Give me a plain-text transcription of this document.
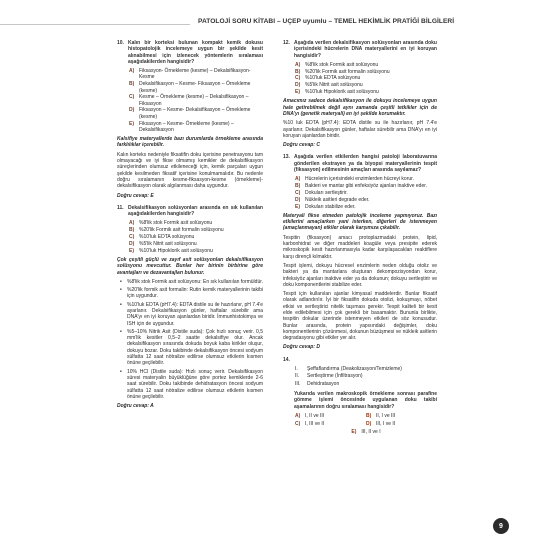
PATOLOJİ SORU KİTABI – UÇEP uyumlu – TEMEL HEKİMLİK PRATİĞİ BİLGİLERİ
10. Kalın bir korteksi bulunan kompakt kemik dokusu histopatolojik incelemeye uygun bir şekilde kesit alınabilmesi için izlenecek yöntemlerin sıralaması aşağıdakilerden hangisidir?
A) Fiksasyon- Örnekleme (kesme) – Dekalsifikasyon- Kesme
B) Dekalsifikasyon – Kesme- Fiksasyon – Örnekleme (kesme)
C) Kesme – Örnekleme (kesme) – Dekalsifikasyon – Fiksasyon
D) Fiksasyon – Kesme- Dekalsifikasyon – Örnekleme (kesme)
E)	Fiksasyon – Kesme- Örnekleme (kesme) – Dekalsifikasyon
Kalsifiye materyallerde bazı durumlarda örnekleme arasında farklılıklar içerebilir.
Kalın korteks nedeniyle fiksatifin doku içerisine penetrasyonu tam olmayacağı ve iyi fikse olmamış kemikler de dekalsifikasyon süreçlerinden olumsuz etkileneceği için, kemik parçaları uygun şekilde kesilmeden fiksatif içerisine konulmamalıdır. Bu nedenle doğru sıralamanın kesme-fiksasyon-kesme (örnekleme)-dekalsifikasyon olarak algılanması daha uygundur.
Doğru cevap: E
11. Dekalsifikasyon solüsyonları arasında en sık kullanılan aşağıdakilerden hangisidir?
A) %8'lik stok Formik asit solüsyonu
B) %20'lik Formik asit formalin solüsyonu
C) %10'luk EDTA solüsyonu
D) %5'lik Nitrit asit solüsyonu
E)	%10'luk Hipoklorik asit solüsyonu
Çok çeşitli güçlü ve zayıf asit solüsyonları dekalsifikasyon solüsyonu mevcuttur. Bunlar her birinin birbirine göre avantajları ve dezavantajları bulunur.
•	%8'lik stok Formik asit solüsyonu: En sık kullanılan formüldür.
•	%20'lik formik asit formalin: Rutin kemik materyallerinin takibi için uygundur.
•	%10'luk EDTA (pH7.4): EDTA distile su ile hazırlanır, pH 7.4'e ayarlanır. Dekalsifikasyon günler, haftalar sürebilir ama DNA'yı en iyi koruyan ajanlardan biridir. İmmunhistokimya ve ISH için de uygundur.
•	%5–10% Nitrik Asit (Distile suda): Çok hızlı sonuç verir. 0,5 mm'lik kesitler 0,5–2 saatte dekalsifiye olur. Ancak dekalsifikasyon sırasında dokuda boyuk kaba kirikler oluşur, dokuyu bozar. Doku takibinde dekalsifikasyon öncesi sodyum sülfatta 12 saat nötralize edilirse olumsuz etkilerin kısmen önüne geçilebilir.
•	10% HCl (Distile suda): Hızlı sonuç verir. Dekalsifikasyon süresi materyalin büyüklüğüne göre portez kemiklerde 2-6 saat sürebilir. Doku takibinde dehidratasyon öncesi sodyum sülfatta 12 saat nötralize edilirse olumsuz etkilerin kısmen önüne geçilebilir.
Doğru cevap: A
12. Aşağıda verilen dekalsifikasyon solüsyonları arasında doku içerisindeki hücrelerin DNA materyallerini en iyi koruyan hangisidir?
A) %8'lik stok Formik asit solüsyonu
B) %20'lik Formik asit formalin solüsyonu
C) %10'luk EDTA solüsyonu
D) %5'lik Nitrit asit solüsyonu
E)	%10'luk Hipoklorik asit solüsyonu
Amacımız sadece dekalsifikasyon ile dokuyu incelemeye uygun hale getirebilmek değil aynı zamanda çeşitli tetkikler için de DNA'yı (genetik materyali) en iyi şekilde korumaktır.
%10 luk EDTA (pH7.4): EDTA distile su ile hazırlanır, pH 7.4'e ayarlanır. Dekalsifikasyon günler, haftalar sürebilir ama DNA'yı en iyi koruyan ajanlardan biridir.
Doğru cevap: C
13. Aşağıda verilen etkilerden hangisi patoloji laboratuvarına gönderilen ekstrayen ya da biyopsi materyallerinin tespit (fiksasyon) edilmesinin amaçları arasında sayılamaz?
A) Hücrelerin içerisindeki enzimlerden hücreyi korur.
B) Bakteri ve mantar gibi enfeksiyöz ajanları inaktive eder.
C) Dokuları sertleştirir.
D) Nükleik asitleri degrade eder.
E)	Dokuları stabilize eder.
Materyali fikse etmeden patolojik inceleme yapmıyoruz. Bazı etkilerini amaçlarken yani isterken, diğerleri de istenmeyen (amaçlanmayan) etkiler olarak karşımıza çıkabilir.
Tespitin (fiksasyon) amacı protoplazmadaki protein, lipid, karbonhidrat ve diğer maddeleri koagüle veya presipite ederek mikroskopik kesit hazırlanmasıyla kadar karşılaşacakları reaktiflere karşı dirençli kılmaktır.
Tespit işlemi, dokuyu hücresel enzimlerin neden olduğu otoliz ve bakteri ya da mantarlara oluşturan dekompozisyondan korur, infeksiyöz ajanları inaktive eder ya da dokunun; dokuyu sertleştirir ve doku komponentlerini stabilize eder.
Tespit için kullanılan ajanlar kimyasal maddelerdir. Bunlar fiksatif olarak adlandırılır. İyi bir fiksatifin dokuda otolizi, kokuşmayı, nöbet etkisi ve sertleştirici nitelik taşıması gerekir. Tespit kaliteli bir kesit elde edilebilmesi için çok gerekli bir basamaktır. Bununla birlikte, tespitin dokular üzerinde istenmeyen etkileri de söz konusudur. Bunlar arasında, protein yapısındaki değişimler, doku komponentlerinin çözünmesi, dokunun büzüşmesi ve nükleik asitlerin degradasyonu gibi etkiler yer alır.
Doğru cevap: D
14.
I.	Şeffaflandırma (Deakolizasyon/Temizleme)
II.	Sertleştirme (İnfiltrasyon)
III.	Dehidratasyon
Yukarıda verilen makroskopik örnekleme sonrası parafine gömme işlemi öncesinde uygulanan doku takibi aşamalarının doğru sıralaması hangisidir?
A) I, II ve III	B) II, I ve III
C) I, III ve II	D) III, I ve II
E)	III, II ve I
9
